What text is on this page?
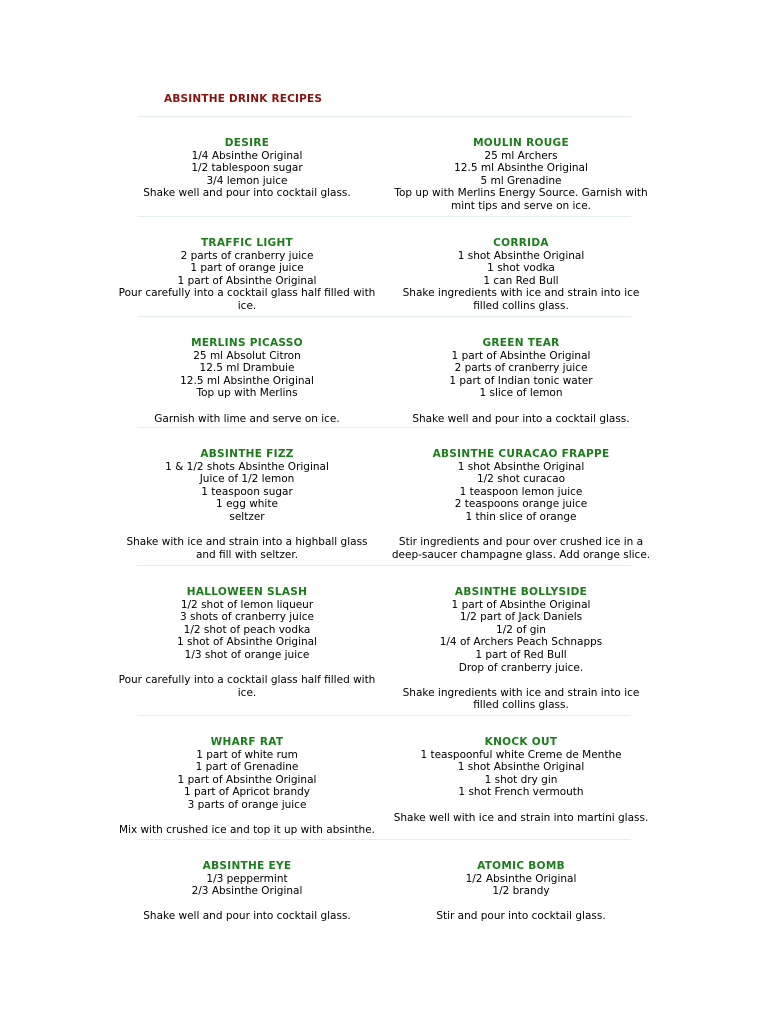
ABSINTHE DRINK RECIPES
DESIRE
1/4 Absinthe Original
1/2 tablespoon sugar
3/4 lemon juice
Shake well and pour into cocktail glass.
MOULIN ROUGE
25 ml Archers
12.5 ml Absinthe Original
5 ml Grenadine
Top up with Merlins Energy Source. Garnish with
mint tips and serve on ice.
TRAFFIC LIGHT
2 parts of cranberry juice
1 part of orange juice
1 part of Absinthe Original
Pour carefully into a cocktail glass half filled with
ice.
CORRIDA
1 shot Absinthe Original
1 shot vodka
1 can Red Bull
Shake ingredients with ice and strain into ice
filled collins glass.
MERLINS PICASSO
25 ml Absolut Citron
12.5 ml Drambuie
12.5 ml Absinthe Original
Top up with Merlins
Garnish with lime and serve on ice.
GREEN TEAR
1 part of Absinthe Original
2 parts of cranberry juice
1 part of Indian tonic water
1 slice of lemon
Shake well and pour into a cocktail glass.
ABSINTHE FIZZ
1 & 1/2 shots Absinthe Original
Juice of 1/2 lemon
1 teaspoon sugar
1 egg white
seltzer
Shake with ice and strain into a highball glass
and fill with seltzer.
ABSINTHE CURACAO FRAPPE
1 shot Absinthe Original
1/2 shot curacao
1 teaspoon lemon juice
2 teaspoons orange juice
1 thin slice of orange
Stir ingredients and pour over crushed ice in a
deep-saucer champagne glass. Add orange slice.
HALLOWEEN SLASH
1/2 shot of lemon liqueur
3 shots of cranberry juice
1/2 shot of peach vodka
1 shot of Absinthe Original
1/3 shot of orange juice
Pour carefully into a cocktail glass half filled with
ice.
ABSINTHE BOLLYSIDE
1 part of Absinthe Original
1/2 part of Jack Daniels
1/2 of gin
1/4 of Archers Peach Schnapps
1 part of Red Bull
Drop of cranberry juice.
Shake ingredients with ice and strain into ice
filled collins glass.
WHARF RAT
1 part of white rum
1 part of Grenadine
1 part of Absinthe Original
1 part of Apricot brandy
3 parts of orange juice
Mix with crushed ice and top it up with absinthe.
KNOCK OUT
1 teaspoonful white Creme de Menthe
1 shot Absinthe Original
1 shot dry gin
1 shot French vermouth
Shake well with ice and strain into martini glass.
ABSINTHE EYE
1/3 peppermint
2/3 Absinthe Original
Shake well and pour into cocktail glass.
ATOMIC BOMB
1/2 Absinthe Original
1/2 brandy
Stir and pour into cocktail glass.
